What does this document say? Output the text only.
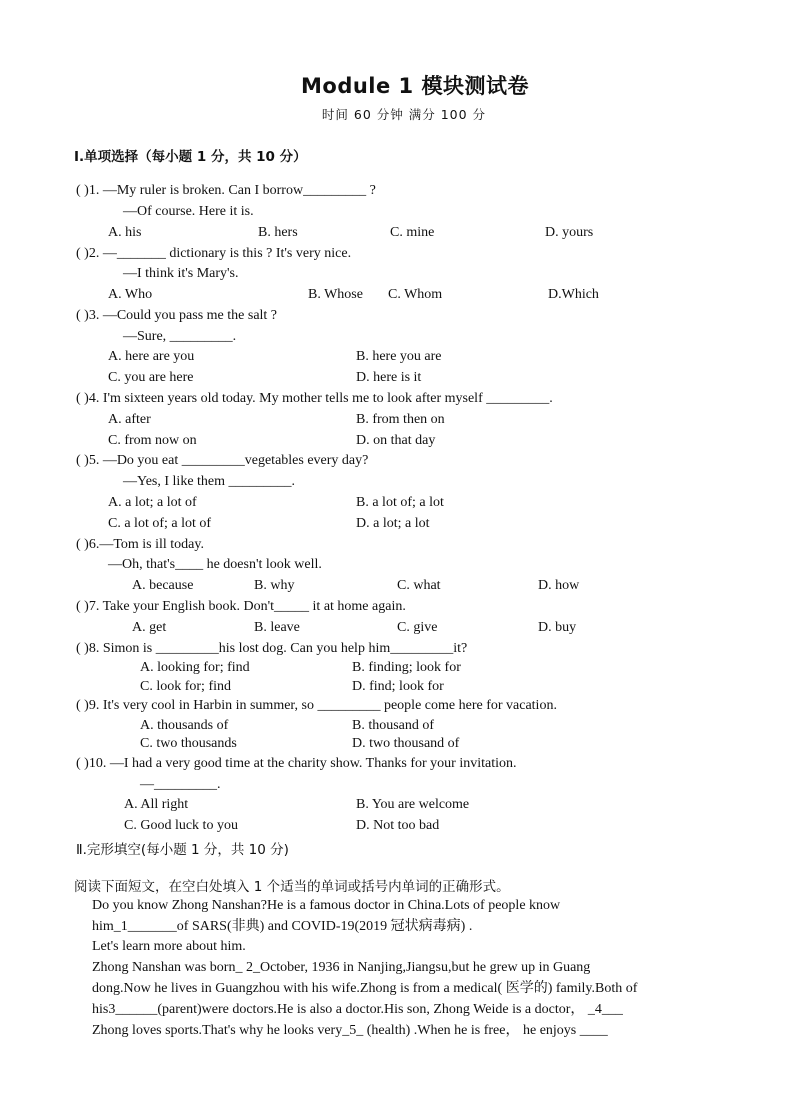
Module 1 模块测试卷
时间 60 分钟 满分 100 分
Ⅰ.单项选择（每小题 1 分，共 10 分）
( )1. —My ruler is broken. Can I borrow_________ ?
—Of course. Here it is.
A. his	B. hers	C. mine	D. yours
( )2. —_______ dictionary is this ? It's very nice.
—I think it's Mary's.
A. Who	B. Whose C. Whom	D.Which
( )3. —Could you pass me the salt ?
—Sure, _________.
A. here are you	B. here you are
C. you are here	D. here is it
( )4. I'm sixteen years old today. My mother tells me to look after myself _________.
A. after	B. from then on
C. from now on	D. on that day
( )5. —Do you eat _________vegetables every day?
—Yes, I like them _________.
A. a lot; a lot of	B. a lot of; a lot
C. a lot of; a lot of	D. a lot; a lot
( )6.—Tom is ill today.
—Oh, that's____ he doesn't look well.
A. because	B. why	C. what	D. how
( )7. Take your English book. Don't_____ it at home again.
A. get	B. leave	C. give	D. buy
( )8. Simon is _________his lost dog. Can you help him_________it?
A. looking for; find	B. finding; look for
C. look for; find	D. find; look for
( )9. It's very cool in Harbin in summer, so _________ people come here for vacation.
A. thousands of	B. thousand of
C. two thousands	D. two thousand of
( )10. —I had a very good time at the charity show. Thanks for your invitation.
—_________.
A. All right	B. You are welcome
C. Good luck to you	D. Not too bad
Ⅱ.完形填空(每小题 1 分，共 10 分)
阅读下面短文，在空白处填入 1 个适当的单词或括号内单词的正确形式。
Do you know Zhong Nanshan?He is a famous doctor in China.Lots of people know
him_1_______of SARS(非典) and COVID-19(2019 冠状病毒病) .
Let's learn more about him.
Zhong Nanshan was born_ 2_October, 1936 in Nanjing,Jiangsu,but he grew up in Guang
dong.Now he lives in Guangzhou with his wife.Zhong is from a medical( 医学的) family.Both of
his3______(parent)were doctors.He is also a doctor.His son, Zhong Weide is a doctor， _4___
Zhong loves sports.That's why he looks very_5_ (health) .When he is free， he enjoys ____
